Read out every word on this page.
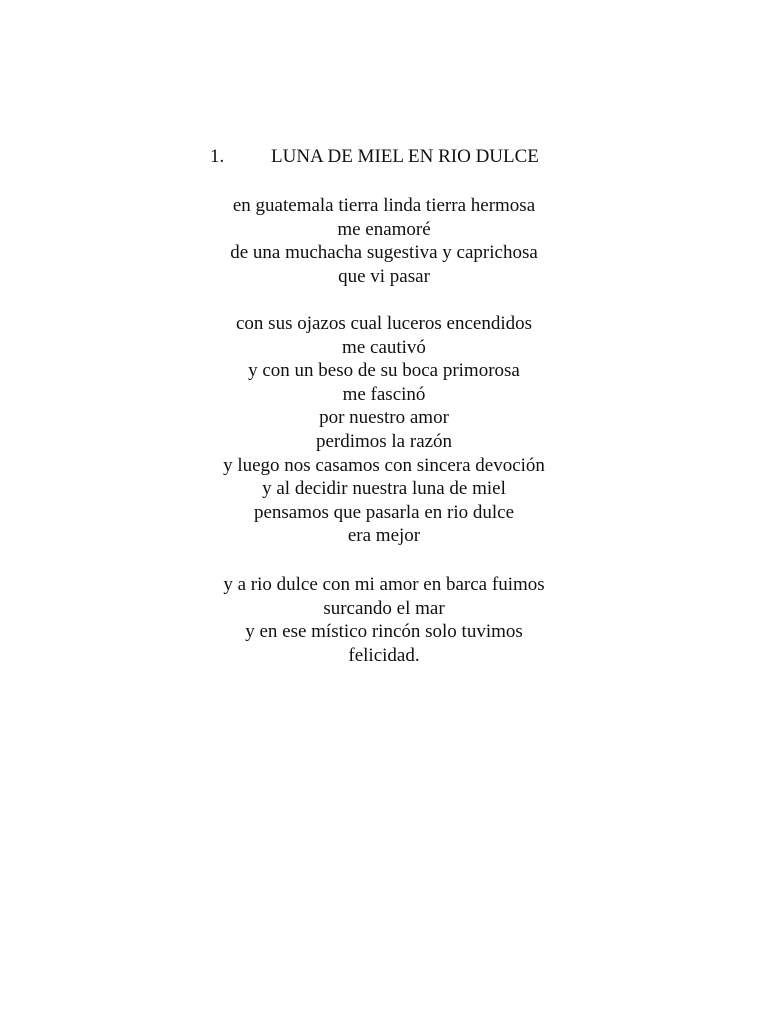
1. LUNA DE MIEL EN RIO DULCE
en guatemala tierra linda tierra hermosa
me enamoré
de una muchacha sugestiva y caprichosa
que vi pasar
con sus ojazos cual luceros encendidos
me cautivó
y con un beso de su boca primorosa
me fascinó
por nuestro amor
perdimos la razón
y luego nos casamos con sincera devoción
y al decidir nuestra luna de miel
pensamos que pasarla en rio dulce
era mejor
y a rio dulce con mi amor en barca fuimos
surcando el mar
y en ese místico rincón solo tuvimos
felicidad.
